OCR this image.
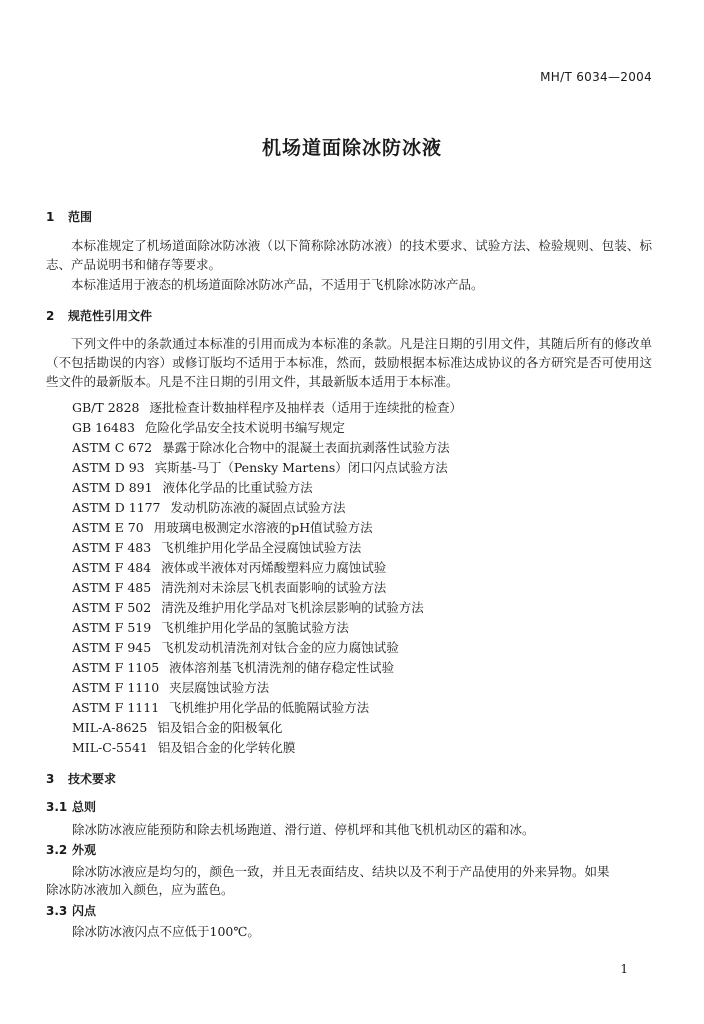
MH/T 6034—2004
机场道面除冰防冰液
1 范围
本标准规定了机场道面除冰防冰液（以下简称除冰防冰液）的技术要求、试验方法、检验规则、包装、标志、产品说明书和储存等要求。
本标准适用于液态的机场道面除冰防冰产品，不适用于飞机除冰防冰产品。
2 规范性引用文件
下列文件中的条款通过本标准的引用而成为本标准的条款。凡是注日期的引用文件，其随后所有的修改单（不包括勘误的内容）或修订版均不适用于本标准，然而，鼓励根据本标准达成协议的各方研究是否可使用这些文件的最新版本。凡是不注日期的引用文件，其最新版本适用于本标准。
GB/T 2828 逐批检查计数抽样程序及抽样表（适用于连续批的检查）
GB 16483 危险化学品安全技术说明书编写规定
ASTM C 672 暴露于除冰化合物中的混凝土表面抗剥落性试验方法
ASTM D 93 宾斯基-马丁（Pensky Martens）闭口闪点试验方法
ASTM D 891 液体化学品的比重试验方法
ASTM D 1177 发动机防冻液的凝固点试验方法
ASTM E 70 用玻璃电极测定水溶液的pH值试验方法
ASTM F 483 飞机维护用化学品全浸腐蚀试验方法
ASTM F 484 液体或半液体对丙烯酸塑料应力腐蚀试验
ASTM F 485 清洗剂对未涂层飞机表面影响的试验方法
ASTM F 502 清洗及维护用化学品对飞机涂层影响的试验方法
ASTM F 519 飞机维护用化学品的氢脆试验方法
ASTM F 945 飞机发动机清洗剂对钛合金的应力腐蚀试验
ASTM F 1105 液体溶剂基飞机清洗剂的储存稳定性试验
ASTM F 1110 夹层腐蚀试验方法
ASTM F 1111 飞机维护用化学品的低脆隔试验方法
MIL-A-8625 铝及铝合金的阳极氧化
MIL-C-5541 铝及铝合金的化学转化膜
3 技术要求
3.1 总则
除冰防冰液应能预防和除去机场跑道、滑行道、停机坪和其他飞机机动区的霜和冰。
3.2 外观
除冰防冰液应是均匀的，颜色一致，并且无表面结皮、结块以及不利于产品使用的外来异物。如果
除冰防冰液加入颜色，应为蓝色。
3.3 闪点
除冰防冰液闪点不应低于100℃。
1
